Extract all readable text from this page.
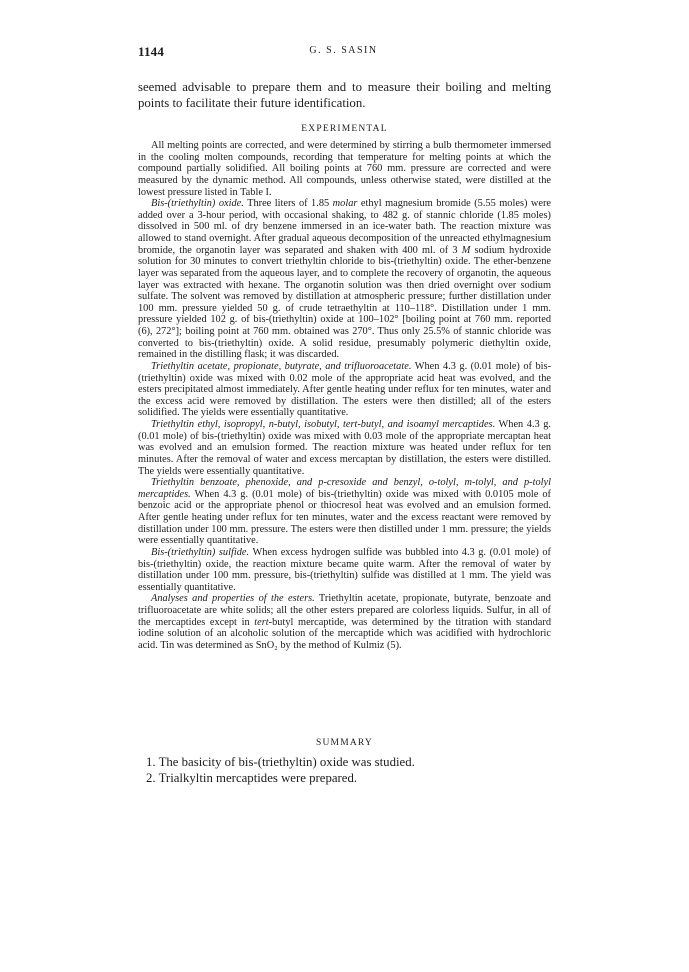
1144	G. S. SASIN
seemed advisable to prepare them and to measure their boiling and melting points to facilitate their future identification.
EXPERIMENTAL

All melting points are corrected, and were determined by stirring a bulb thermometer immersed in the cooling molten compounds, recording that temperature for melting points at which the compound partially solidified. All boiling points at 760 mm. pressure are corrected and were measured by the dynamic method. All compounds, unless otherwise stated, were distilled at the lowest pressure listed in Table I.

Bis-(triethyltin) oxide. Three liters of 1.85 molar ethyl magnesium bromide (5.55 moles) were added over a 3-hour period, with occasional shaking, to 482 g. of stannic chloride (1.85 moles) dissolved in 500 ml. of dry benzene immersed in an ice-water bath. The reaction mixture was allowed to stand overnight. After gradual aqueous decomposition of the unreacted ethylmagnesium bromide, the organotin layer was separated and shaken with 400 ml. of 3 M sodium hydroxide solution for 30 minutes to convert triethyltin chloride to bis-(triethyltin) oxide. The ether-benzene layer was separated from the aqueous layer, and to complete the recovery of organotin, the aqueous layer was extracted with hexane. The organotin solution was then dried overnight over sodium sulfate. The solvent was removed by distillation at atmospheric pressure; further distillation under 100 mm. pressure yielded 50 g. of crude tetraethyltin at 110–118°. Distillation under 1 mm. pressure yielded 102 g. of bis-(triethyltin) oxide at 100–102° [boiling point at 760 mm. reported (6), 272°]; boiling point at 760 mm. obtained was 270°. Thus only 25.5% of stannic chloride was converted to bis-(triethyltin) oxide. A solid residue, presumably polymeric diethyltin oxide, remained in the distilling flask; it was discarded.

Triethyltin acetate, propionate, butyrate, and trifluoroacetate. When 4.3 g. (0.01 mole) of bis-(triethyltin) oxide was mixed with 0.02 mole of the appropriate acid heat was evolved, and the esters precipitated almost immediately. After gentle heating under reflux for ten minutes, water and the excess acid were removed by distillation. The esters were then distilled; all of the esters solidified. The yields were essentially quantitative.

Triethyltin ethyl, isopropyl, n-butyl, isobutyl, tert-butyl, and isoamyl mercaptides. When 4.3 g. (0.01 mole) of bis-(triethyltin) oxide was mixed with 0.03 mole of the appropriate mercaptan heat was evolved and an emulsion formed. The reaction mixture was heated under reflux for ten minutes. After the removal of water and excess mercaptan by distillation, the esters were distilled. The yields were essentially quantitative.

Triethyltin benzoate, phenoxide, and p-cresoxide and benzyl, o-tolyl, m-tolyl, and p-tolyl mercaptides. When 4.3 g. (0.01 mole) of bis-(triethyltin) oxide was mixed with 0.0105 mole of benzoic acid or the appropriate phenol or thiocresol heat was evolved and an emulsion formed. After gentle heating under reflux for ten minutes, water and the excess reactant were removed by distillation under 100 mm. pressure. The esters were then distilled under 1 mm. pressure; the yields were essentially quantitative.

Bis-(triethyltin) sulfide. When excess hydrogen sulfide was bubbled into 4.3 g. (0.01 mole) of bis-(triethyltin) oxide, the reaction mixture became quite warm. After the removal of water by distillation under 100 mm. pressure, bis-(triethyltin) sulfide was distilled at 1 mm. The yield was essentially quantitative.

Analyses and properties of the esters. Triethyltin acetate, propionate, butyrate, benzoate and trifluoroacetate are white solids; all the other esters prepared are colorless liquids. Sulfur, in all of the mercaptides except in tert-butyl mercaptide, was determined by the titration with standard iodine solution of an alcoholic solution of the mercaptide which was acidified with hydrochloric acid. Tin was determined as SnO₂ by the method of Kulmiz (5).

SUMMARY
1. The basicity of bis-(triethyltin) oxide was studied.
2. Trialkyltin mercaptides were prepared.
